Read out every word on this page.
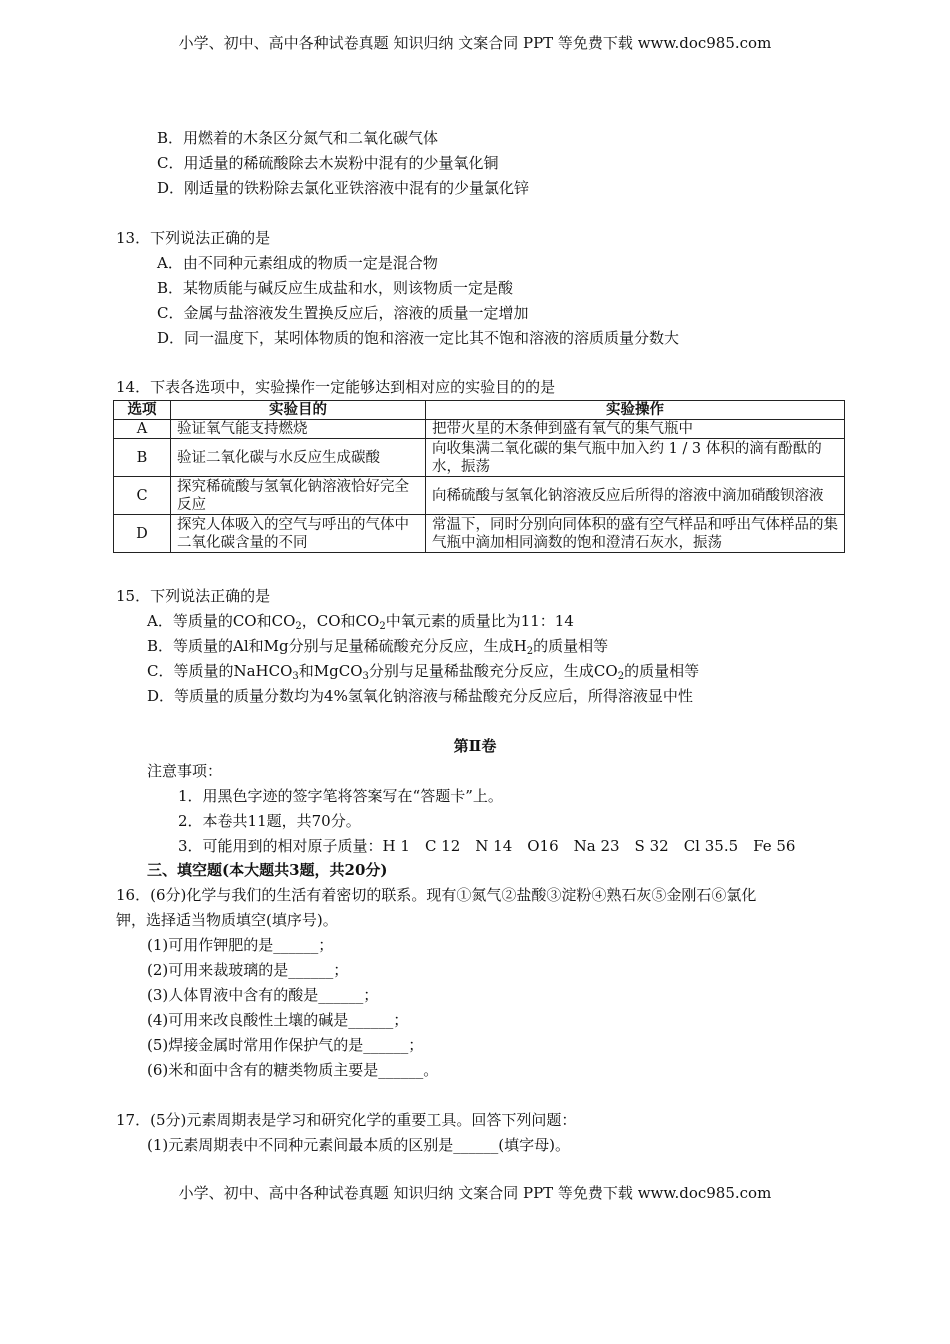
小学、初中、高中各种试卷真题 知识归纳 文案合同 PPT 等免费下载 www.doc985.com
B．用燃着的木条区分氮气和二氧化碳气体
C．用适量的稀硫酸除去木炭粉中混有的少量氧化铜
D．刚适量的铁粉除去氯化亚铁溶液中混有的少量氯化锌
13．下列说法正确的是
A．由不同种元素组成的物质一定是混合物
B．某物质能与碱反应生成盐和水，则该物质一定是酸
C．金属与盐溶液发生置换反应后，溶液的质量一定增加
D．同一温度下，某吲体物质的饱和溶液一定比其不饱和溶液的溶质质量分数大
14．下表各选项中，实验操作一定能够达到相对应的实验目的的是
选项	实验目的	实验操作
A	验证氧气能支持燃烧	把带火星的木条伸到盛有氧气的集气瓶中
B	验证二氧化碳与水反应生成碳酸	向收集满二氧化碳的集气瓶中加入约 1 / 3 体积的滴有酚酞的水，振荡
C	探究稀硫酸与氢氧化钠溶液恰好完全反应	向稀硫酸与氢氧化钠溶液反应后所得的溶液中滴加硝酸钡溶液
D	探究人体吸入的空气与呼出的气体中二氧化碳含量的不同	常温下，同时分别向同体积的盛有空气样品和呼出气体样品的集气瓶中滴加相同滴数的饱和澄清石灰水，振荡
15．下列说法正确的是
A．等质量的CO和$CO_2$，CO和$CO_2$中氧元素的质量比为11：14
B．等质量的Al和Mg分别与足量稀硫酸充分反应，生成$H_2$的质量相等
C．等质量的NaHCO$_3$和MgCO$_3$分别与足量稀盐酸充分反应，生成$CO_2$的质量相等
D．等质量的质量分数均为4%氢氧化钠溶液与稀盐酸充分反应后，所得溶液显中性
第Ⅱ卷
注意事项：
1．用黑色字迹的签字笔将答案写在“答题卡”上。
2．本卷共11题，共70分。
3．可能用到的相对原子质量：H 1　C 12　N 14　O16　Na 23　S 32　Cl 35.5　Fe 56
三、填空题(本大题共3题，共20分)
16．(6分)化学与我们的生活有着密切的联系。现有①氮气②盐酸③淀粉④熟石灰⑤金刚石⑥氯化
钾，选择适当物质填空(填序号)。
(1)可用作钾肥的是______；
(2)可用来裁玻璃的是______；
(3)人体胃液中含有的酸是______；
(4)可用来改良酸性土壤的碱是______；
(5)焊接金属时常用作保护气的是______；
(6)米和面中含有的糖类物质主要是______。
17．(5分)元素周期表是学习和研究化学的重要工具。回答下列问题：
(1)元素周期表中不同种元素间最本质的区别是______(填字母)。
小学、初中、高中各种试卷真题 知识归纳 文案合同 PPT 等免费下载 www.doc985.com
